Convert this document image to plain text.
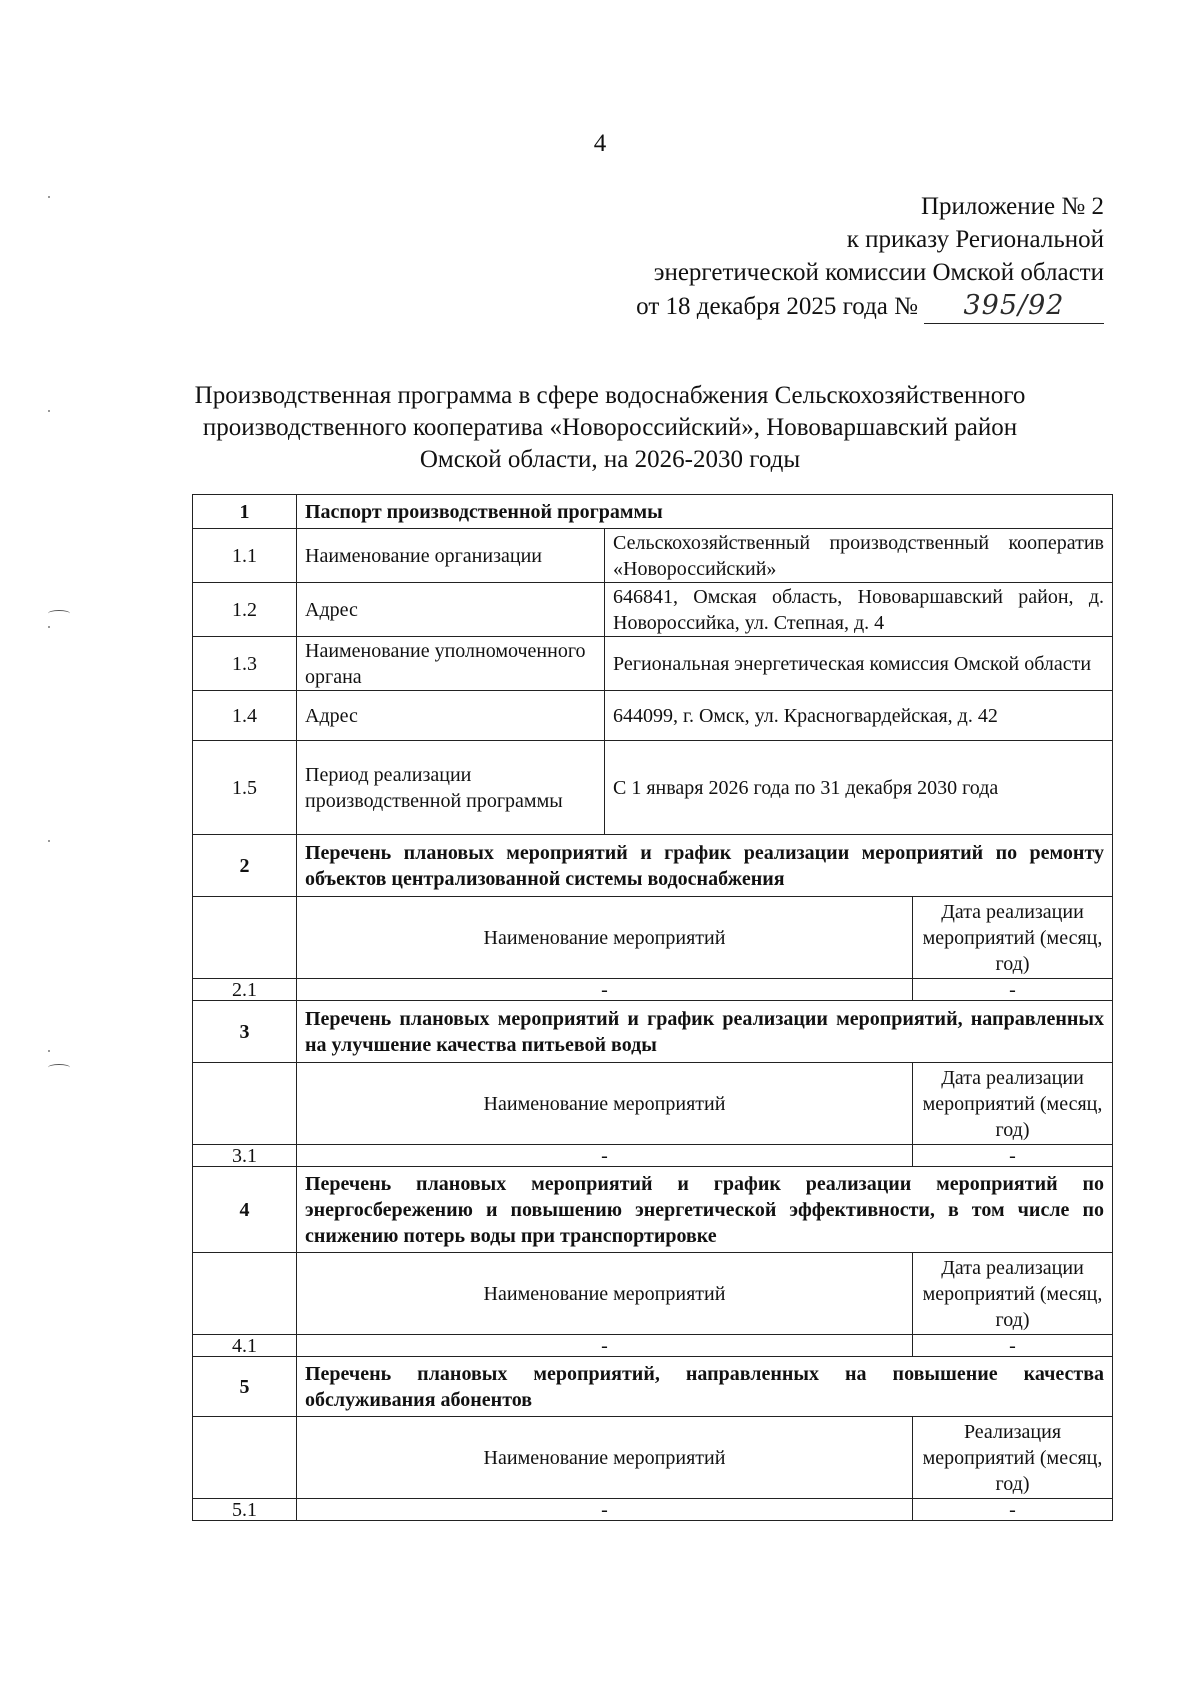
4
Приложение № 2
к приказу Региональной
энергетической комиссии Омской области
от 18 декабря 2025 года № 395/92
Производственная программа в сфере водоснабжения Сельскохозяйственного
производственного кооператива «Новороссийский», Нововаршавский район
Омской области, на 2026-2030 годы
1	Паспорт производственной программы		
1.1	Наименование организации	Сельскохозяйственный производственный кооператив «Новороссийский»	
1.2	Адрес	646841, Омская область, Нововаршавский район, д. Новороссийка, ул. Степная, д. 4	
1.3	Наименование уполномоченного органа	Региональная энергетическая комиссия Омской области	
1.4	Адрес	644099, г. Омск, ул. Красногвардейская, д. 42	
1.5	Период реализации производственной программы	С 1 января 2026 года по 31 декабря 2030 года	
2	Перечень плановых мероприятий и график реализации мероприятий по ремонту объектов централизованной системы водоснабжения		
	Наименование мероприятий		Дата реализации мероприятий (месяц, год)
2.1	-		-
3	Перечень плановых мероприятий и график реализации мероприятий, направленных на улучшение качества питьевой воды		
	Наименование мероприятий		Дата реализации мероприятий (месяц, год)
3.1	-		-
4	Перечень плановых мероприятий и график реализации мероприятий по энергосбережению и повышению энергетической эффективности, в том числе по снижению потерь воды при транспортировке		
	Наименование мероприятий		Дата реализации мероприятий (месяц, год)
4.1	-		-
5	Перечень плановых мероприятий, направленных на повышение качества обслуживания абонентов		
	Наименование мероприятий		Реализация мероприятий (месяц, год)
5.1	-		-
